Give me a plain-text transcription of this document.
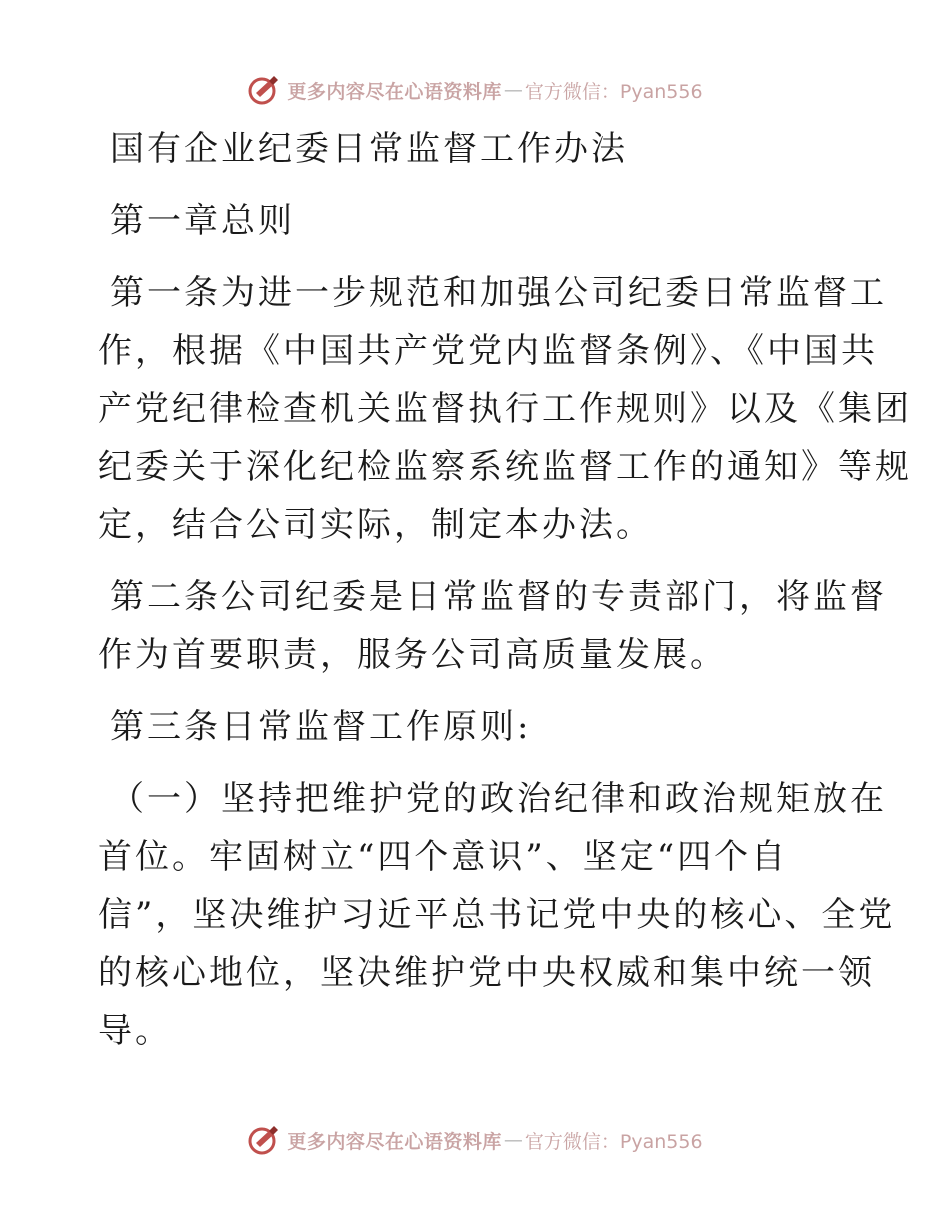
更多内容尽在心语资料库 — 官方微信：Pyan556
国有企业纪委日常监督工作办法
第一章总则
第一条为进一步规范和加强公司纪委日常监督工
作，根据《中国共产党党内监督条例》、《中国共
产党纪律检查机关监督执行工作规则》以及《集团
纪委关于深化纪检监察系统监督工作的通知》等规
定，结合公司实际，制定本办法。
第二条公司纪委是日常监督的专责部门，将监督
作为首要职责，服务公司高质量发展。
第三条日常监督工作原则:
（一）坚持把维护党的政治纪律和政治规矩放在
首位。牢固树立“四个意识”、坚定“四个自
信”，坚决维护习近平总书记党中央的核心、全党
的核心地位，坚决维护党中央权威和集中统一领
导。
更多内容尽在心语资料库 — 官方微信：Pyan556
